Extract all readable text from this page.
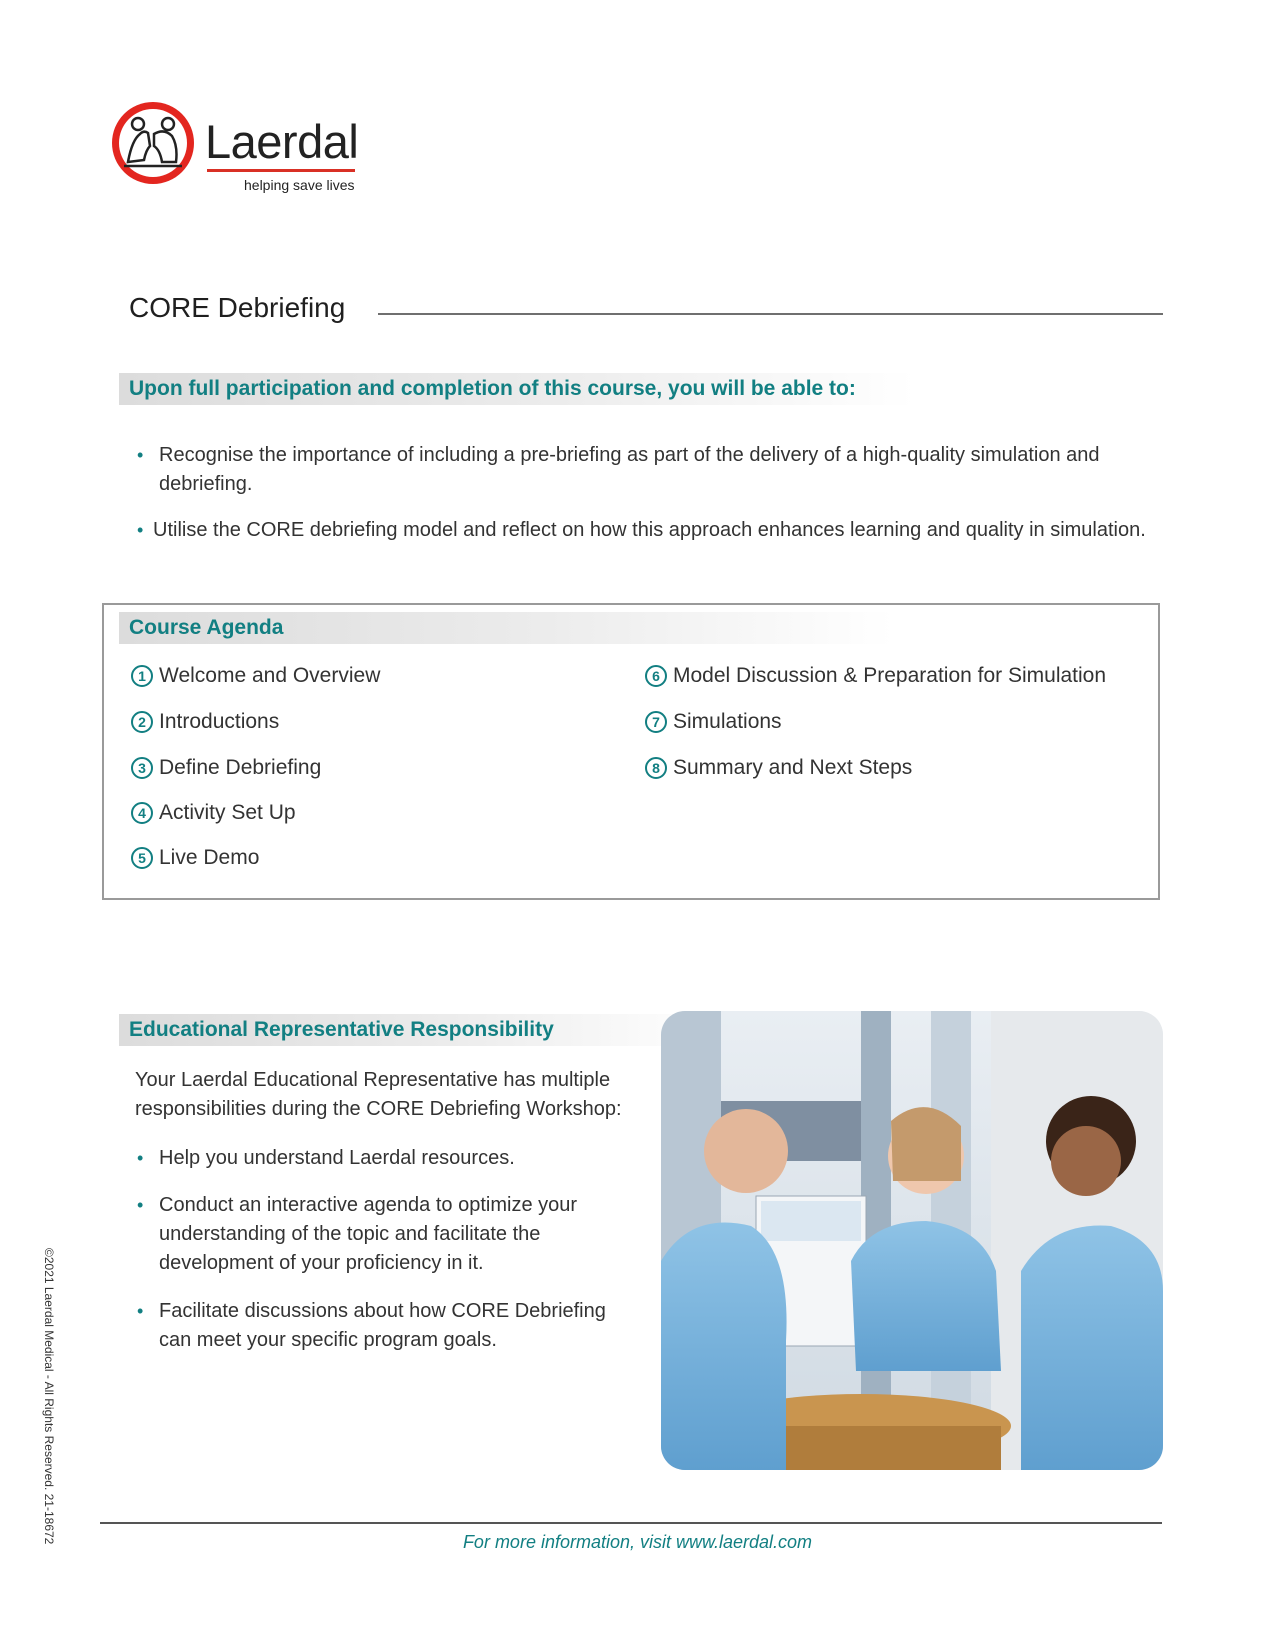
Laerdal
helping save lives
CORE Debriefing
Upon full participation and completion of this course, you will be able to:
• Recognise the importance of including a pre-briefing as part of the delivery of a high-quality simulation and debriefing.
• Utilise the CORE debriefing model and reflect on how this approach enhances learning and quality in simulation.
Course Agenda
1 Welcome and Overview
2 Introductions
3 Define Debriefing
4 Activity Set Up
5 Live Demo
6 Model Discussion & Preparation for Simulation
7 Simulations
8 Summary and Next Steps
Educational Representative Responsibility
Your Laerdal Educational Representative has multiple responsibilities during the CORE Debriefing Workshop:
• Help you understand Laerdal resources.
• Conduct an interactive agenda to optimize your understanding of the topic and facilitate the development of your proficiency in it.
• Facilitate discussions about how CORE Debriefing can meet your specific program goals.
©2021 Laerdal Medical - All Rights Reserved. 21-18672	For more information, visit www.laerdal.com
